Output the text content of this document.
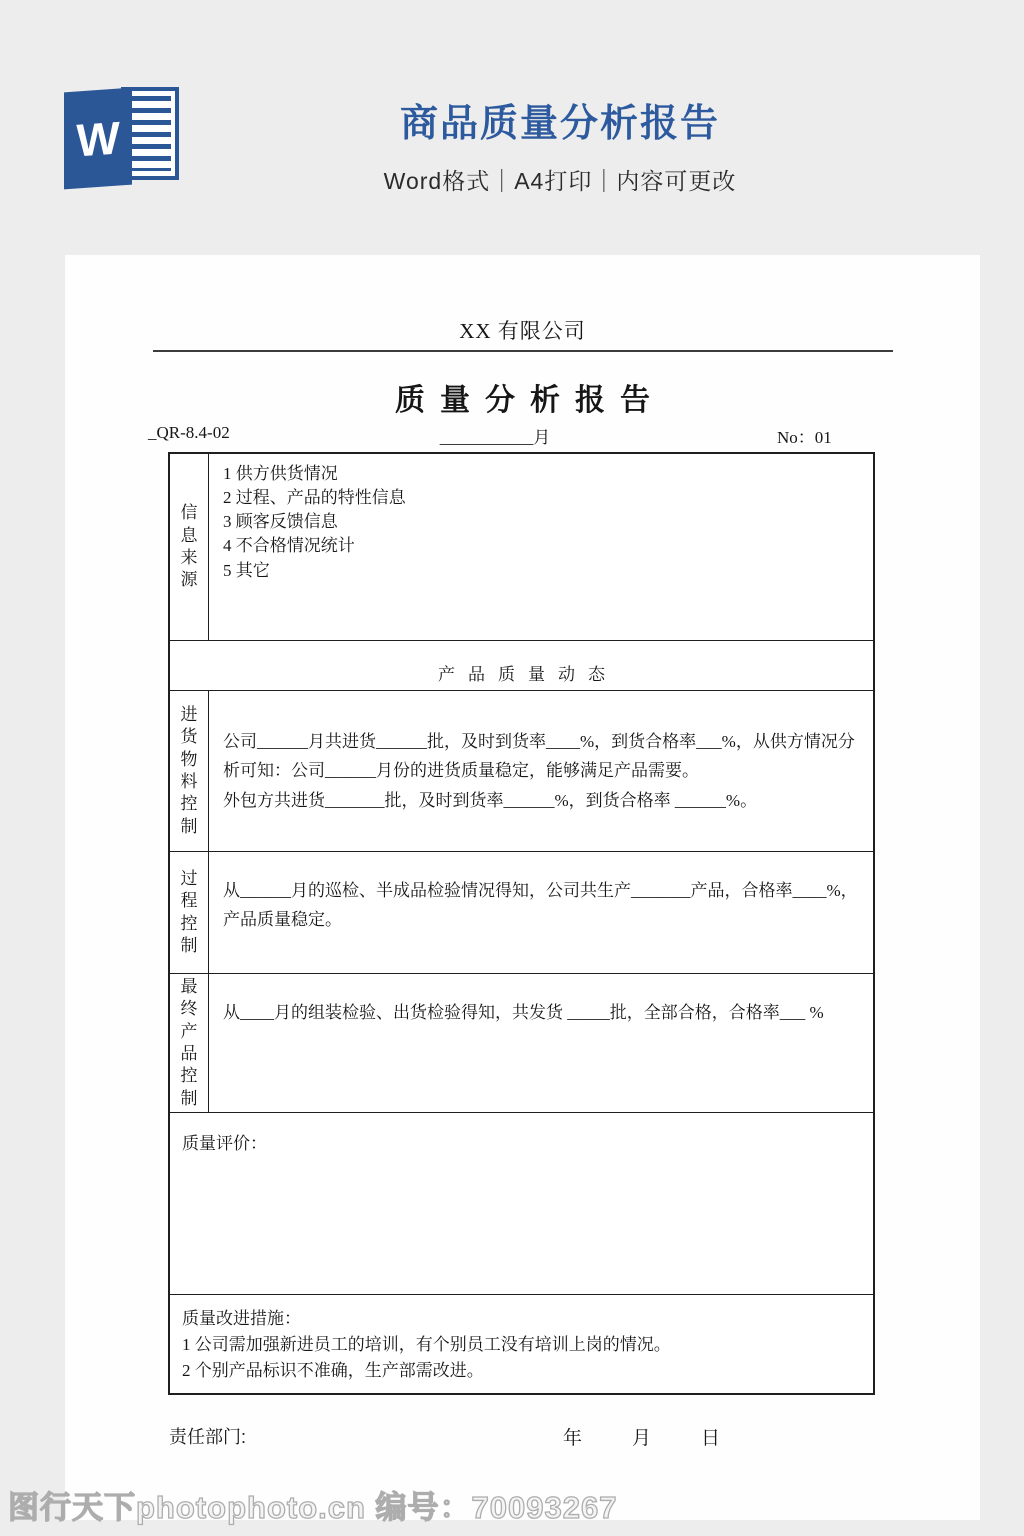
W	商品质量分析报告
Word格式｜A4打印｜内容可更改
XX 有限公司
质量分析报告
_QR-8.4-02	___________月	No：01
信息来源
1 供方供货情况
2 过程、产品的特性信息
3 顾客反馈信息
4 不合格情况统计
5 其它
产品质量动态
进货物料控制
公司______月共进货______批，及时到货率____%，到货合格率___%，从供方情况分析可知：公司______月份的进货质量稳定，能够满足产品需要。
外包方共进货_______批，及时到货率______%，到货合格率 ______%。
过程控制
从______月的巡检、半成品检验情况得知，公司共生产_______产品，合格率____%，产品质量稳定。
最终产品控制
从____月的组装检验、出货检验得知，共发货 _____批，全部合格，合格率___ %
质量评价：
质量改进措施：
1 公司需加强新进员工的培训，有个别员工没有培训上岗的情况。
2 个别产品标识不准确，生产部需改进。
责任部门:	年　　月　　日
图行天下photophoto.cn 编号：70093267
